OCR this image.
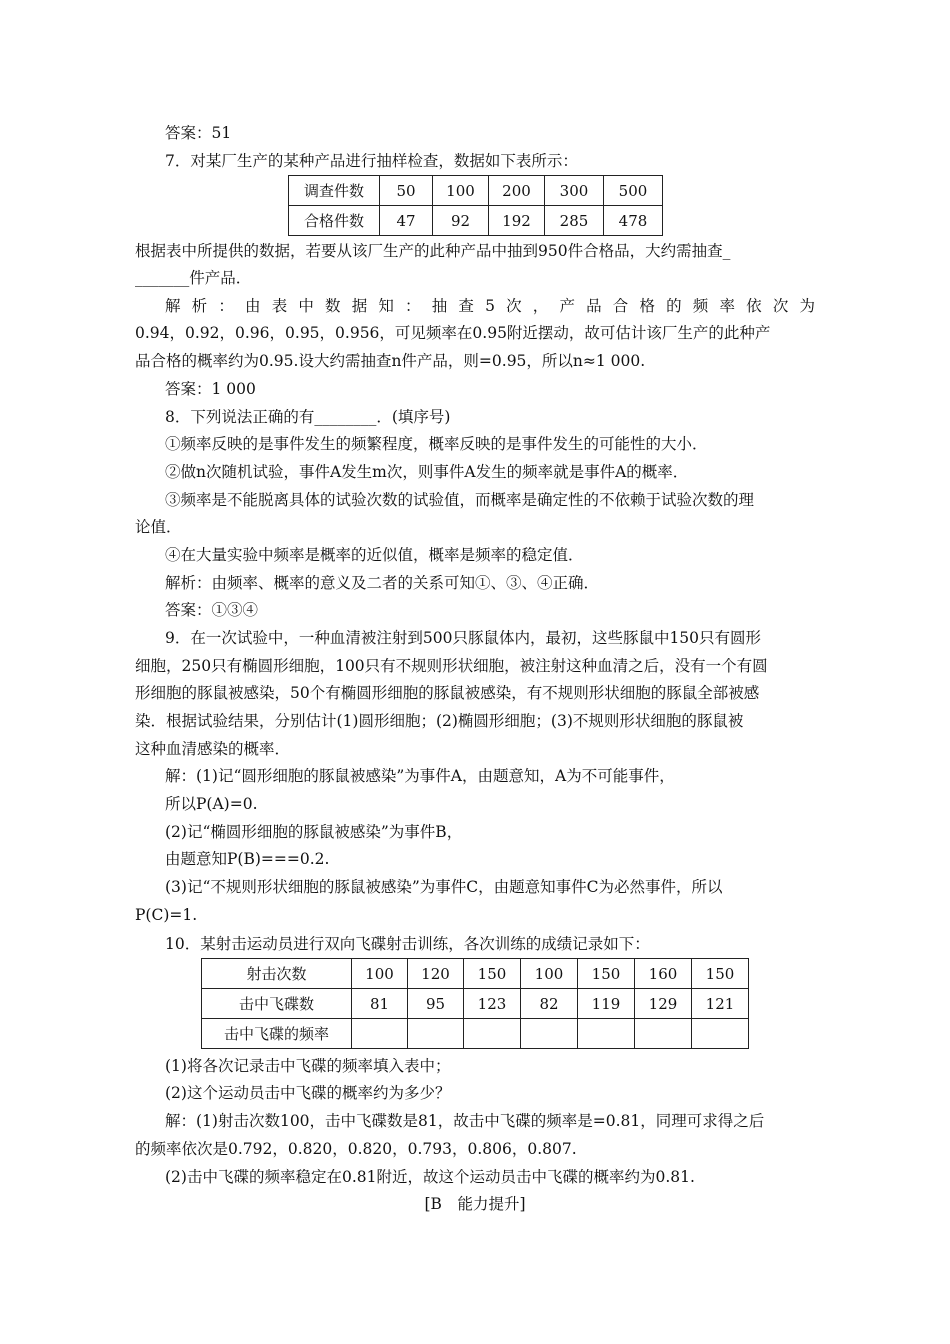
答案：51
7．对某厂生产的某种产品进行抽样检查，数据如下表所示：
调查件数	50	100	200	300	500
合格件数	47	92	192	285	478
根据表中所提供的数据，若要从该厂生产的此种产品中抽到950件合格品，大约需抽查_
_______件产品．
解析：由表中数据知：抽查5次，产品合格的频率依次为
0.94，0.92，0.96，0.95，0.956，可见频率在0.95附近摆动，故可估计该厂生产的此种产
品合格的概率约为0.95.设大约需抽查n件产品，则=0.95，所以n≈1 000.
答案：1 000
8．下列说法正确的有________．(填序号)
①频率反映的是事件发生的频繁程度，概率反映的是事件发生的可能性的大小．
②做n次随机试验，事件A发生m次，则事件A发生的频率就是事件A的概率．
③频率是不能脱离具体的试验次数的试验值，而概率是确定性的不依赖于试验次数的理
论值．
④在大量实验中频率是概率的近似值，概率是频率的稳定值．
解析：由频率、概率的意义及二者的关系可知①、③、④正确．
答案：①③④
9．在一次试验中，一种血清被注射到500只豚鼠体内，最初，这些豚鼠中150只有圆形
细胞，250只有椭圆形细胞，100只有不规则形状细胞，被注射这种血清之后，没有一个有圆
形细胞的豚鼠被感染，50个有椭圆形细胞的豚鼠被感染，有不规则形状细胞的豚鼠全部被感
染．根据试验结果，分别估计(1)圆形细胞；(2)椭圆形细胞；(3)不规则形状细胞的豚鼠被
这种血清感染的概率．
解：(1)记“圆形细胞的豚鼠被感染”为事件A，由题意知，A为不可能事件，
所以P(A)=0.
(2)记“椭圆形细胞的豚鼠被感染”为事件B，
由题意知P(B)===0.2.
(3)记“不规则形状细胞的豚鼠被感染”为事件C，由题意知事件C为必然事件，所以
P(C)=1.
10．某射击运动员进行双向飞碟射击训练，各次训练的成绩记录如下：
射击次数	100	120	150	100	150	160	150
击中飞碟数	81	95	123	82	119	129	121
击中飞碟的频率							
(1)将各次记录击中飞碟的频率填入表中；
(2)这个运动员击中飞碟的概率约为多少？
解：(1)射击次数100，击中飞碟数是81，故击中飞碟的频率是=0.81，同理可求得之后
的频率依次是0.792，0.820，0.820，0.793，0.806，0.807.
(2)击中飞碟的频率稳定在0.81附近，故这个运动员击中飞碟的概率约为0.81.
[B　能力提升]
